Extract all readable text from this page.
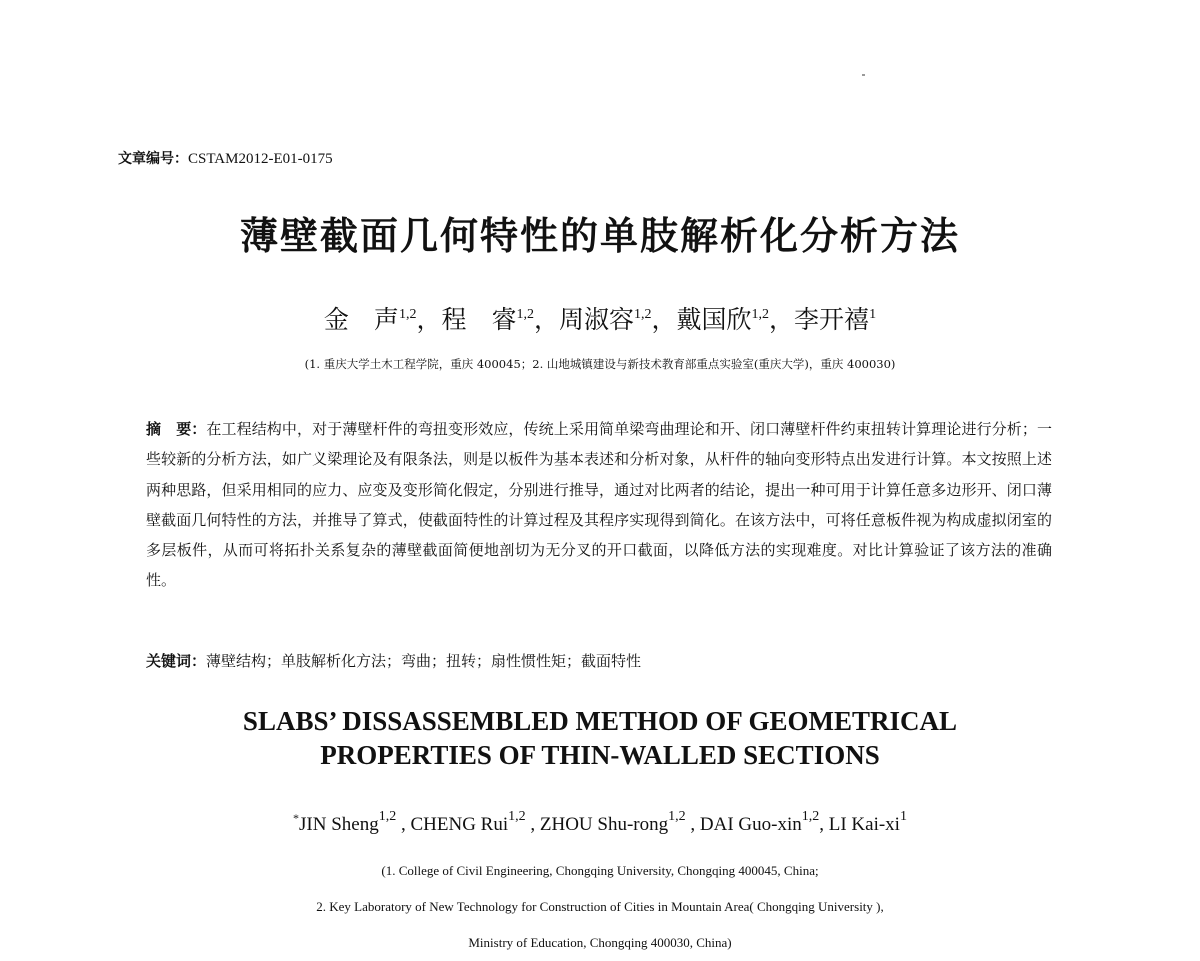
文章编号：CSTAM2012-E01-0175
薄壁截面几何特性的单肢解析化分析方法
金　声$^{1,2}$，程　睿$^{1,2}$，周淑容$^{1,2}$，戴国欣$^{1,2}$，李开禧$^1$
(1. 重庆大学土木工程学院，重庆 400045；2. 山地城镇建设与新技术教育部重点实验室(重庆大学)，重庆 400030)
摘　要：在工程结构中，对于薄壁杆件的弯扭变形效应，传统上采用简单梁弯曲理论和开、闭口薄壁杆件约束扭转计算理论进行分析；一些较新的分析方法，如广义梁理论及有限条法，则是以板件为基本表述和分析对象，从杆件的轴向变形特点出发进行计算。本文按照上述两种思路，但采用相同的应力、应变及变形简化假定，分别进行推导，通过对比两者的结论，提出一种可用于计算任意多边形开、闭口薄壁截面几何特性的方法，并推导了算式，使截面特性的计算过程及其程序实现得到简化。在该方法中，可将任意板件视为构成虚拟闭室的多层板件，从而可将拓扑关系复杂的薄壁截面简便地剖切为无分叉的开口截面，以降低方法的实现难度。对比计算验证了该方法的准确性。
关键词：薄壁结构；单肢解析化方法；弯曲；扭转；扇性惯性矩；截面特性
SLABS’ DISSASSEMBLED METHOD OF GEOMETRICAL
PROPERTIES OF THIN-WALLED SECTIONS
*JIN Sheng$^{1,2}$ , CHENG Rui$^{1,2}$ , ZHOU Shu-rong$^{1,2}$ , DAI Guo-xin$^{1,2}$, LI Kai-$xi^1$
(1. College of Civil Engineering, Chongqing University, Chongqing 400045, China;
2. Key Laboratory of New Technology for Construction of Cities in Mountain Area( Chongqing University ),
Ministry of Education, Chongqing 400030, China)
